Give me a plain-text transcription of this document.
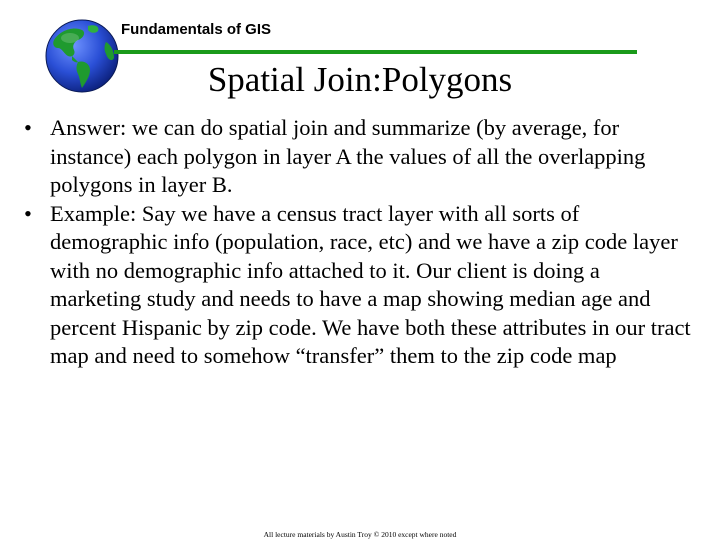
Fundamentals of GIS
Spatial Join:Polygons
• Answer: we can do spatial join and summarize (by average, for instance) each polygon in layer A the values of all the overlapping polygons in layer B.
• Example: Say we have a census tract layer with all sorts of demographic info (population, race, etc) and we have a zip code layer with no demographic info attached to it. Our client is doing a marketing study and needs to have a map showing median age and percent Hispanic by zip code. We have both these attributes in our tract map and need to somehow “transfer” them to the zip code map
All lecture materials by Austin Troy © 2010 except where noted
